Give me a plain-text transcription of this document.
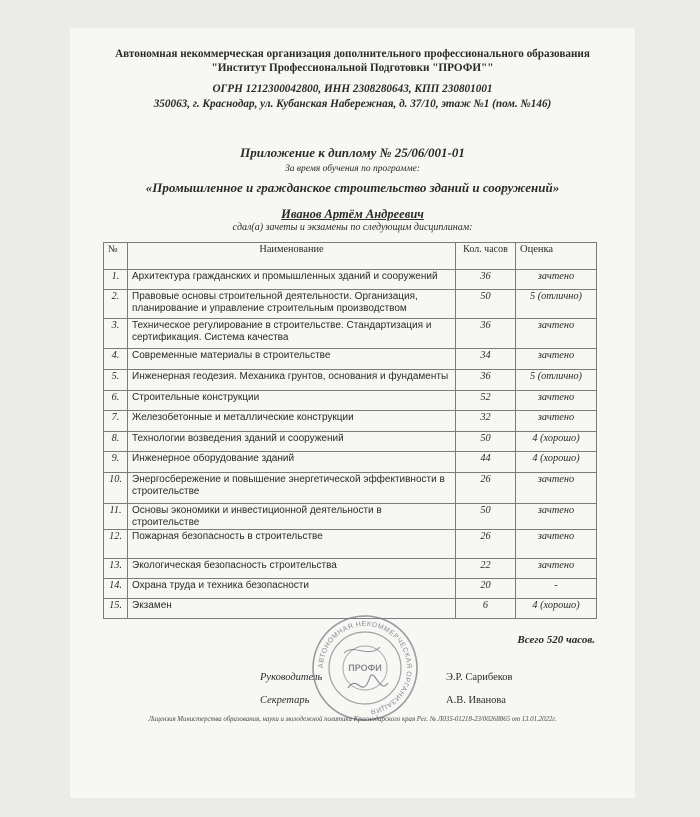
Автономная некоммерческая организация дополнительного профессионального образования
"Институт Профессиональной Подготовки "ПРОФИ""
ОГРН 1212300042800, ИНН 2308280643, КПП 230801001
350063, г. Краснодар, ул. Кубанская Набережная, д. 37/10, этаж №1 (пом. №146)
Приложение к диплому № 25/06/001-01
За время обучения по программе:
«Промышленное и гражданское строительство зданий и сооружений»
Иванов Артём Андреевич
сдал(а) зачеты и экзамены по следующим дисциплинам:
№	Наименование	Кол. часов	Оценка
1.	Архитектура гражданских и промышленных зданий и сооружений	36	зачтено
2.	Правовые основы строительной деятельности. Организация, планирование и управление строительным производством	50	5 (отлично)
3.	Техническое регулирование в строительстве. Стандартизация и сертификация. Система качества	36	зачтено
4.	Современные материалы в строительстве	34	зачтено
5.	Инженерная геодезия. Механика грунтов, основания и фундаменты	36	5 (отлично)
6.	Строительные конструкции	52	зачтено
7.	Железобетонные и металлические конструкции	32	зачтено
8.	Технологии возведения зданий и сооружений	50	4 (хорошо)
9.	Инженерное оборудование зданий	44	4 (хорошо)
10.	Энергосбережение и повышение энергетической эффективности в строительстве	26	зачтено
11.	Основы экономики и инвестиционной деятельности в строительстве	50	зачтено
12.	Пожарная безопасность в строительстве	26	зачтено
13.	Экологическая безопасность строительства	22	зачтено
14.	Охрана труда и техника безопасности	20	-
15.	Экзамен	6	4 (хорошо)
Всего 520 часов.
Руководитель	Э.Р. Сарибеков
Секретарь	А.В. Иванова
АВТОНОМНАЯ НЕКОММЕРЧЕСКАЯ ОРГАНИЗАЦИЯ
ПРОФИ
Лицензия Министерства образования, науки и молодежной политики Краснодарского края Рег. № Л035-01218-23/00268865 от 13.01.2022г.
